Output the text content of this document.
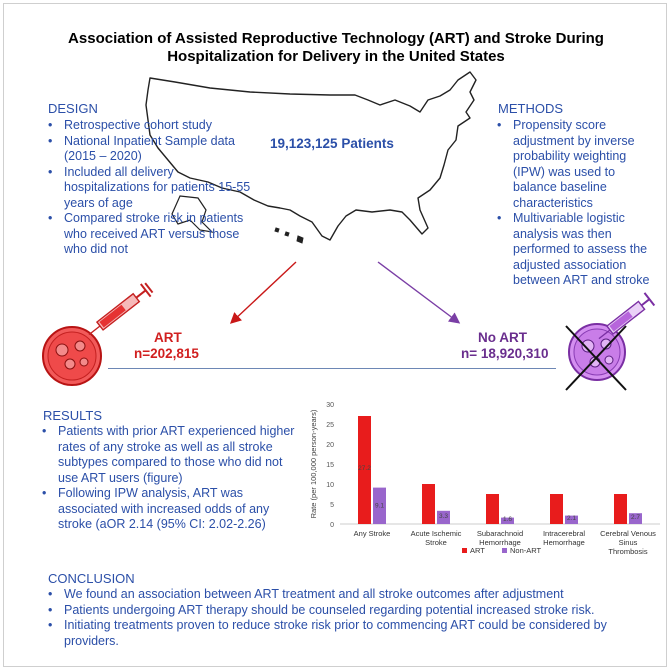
Association of Assisted Reproductive Technology (ART) and Stroke During
Hospitalization for Delivery in the United States
19,123,125 Patients
DESIGN
• Retrospective cohort study
• National Inpatient Sample data (2015 – 2020)
• Included all delivery hospitalizations for patients 15-55 years of age
• Compared stroke risk in patients who received ART versus those who did not
METHODS
• Propensity score adjustment by inverse probability weighting (IPW) was used to balance baseline characteristics
• Multivariable logistic analysis was then performed to assess the adjusted association between ART and stroke
ART
n=202,815
No ART
n= 18,920,310
RESULTS
• Patients with prior ART experienced higher rates of any stroke as well as all stroke subtypes compared to those who did not use ART users (figure)
• Following IPW analysis, ART was associated with increased odds of any stroke (aOR 2.14 (95% CI: 2.02-2.26)	0
5
10
15
20
25
30
Rate (per 100,000 person-years)	27.2
9.1
Any Stroke
3.3
Acute Ischemic
Stroke
1.6
Subarachnoid
Hemorrhage
2.1
Intracerebral
Hemorrhage
2.7
Cerebral Venous
Sinus
Thrombosis
ART	Non-ART
CONCLUSION
• We found an association between ART treatment and all stroke outcomes after adjustment
• Patients undergoing ART therapy should be counseled regarding potential increased stroke risk.
• Initiating treatments proven to reduce stroke risk prior to commencing ART could be considered by providers.
